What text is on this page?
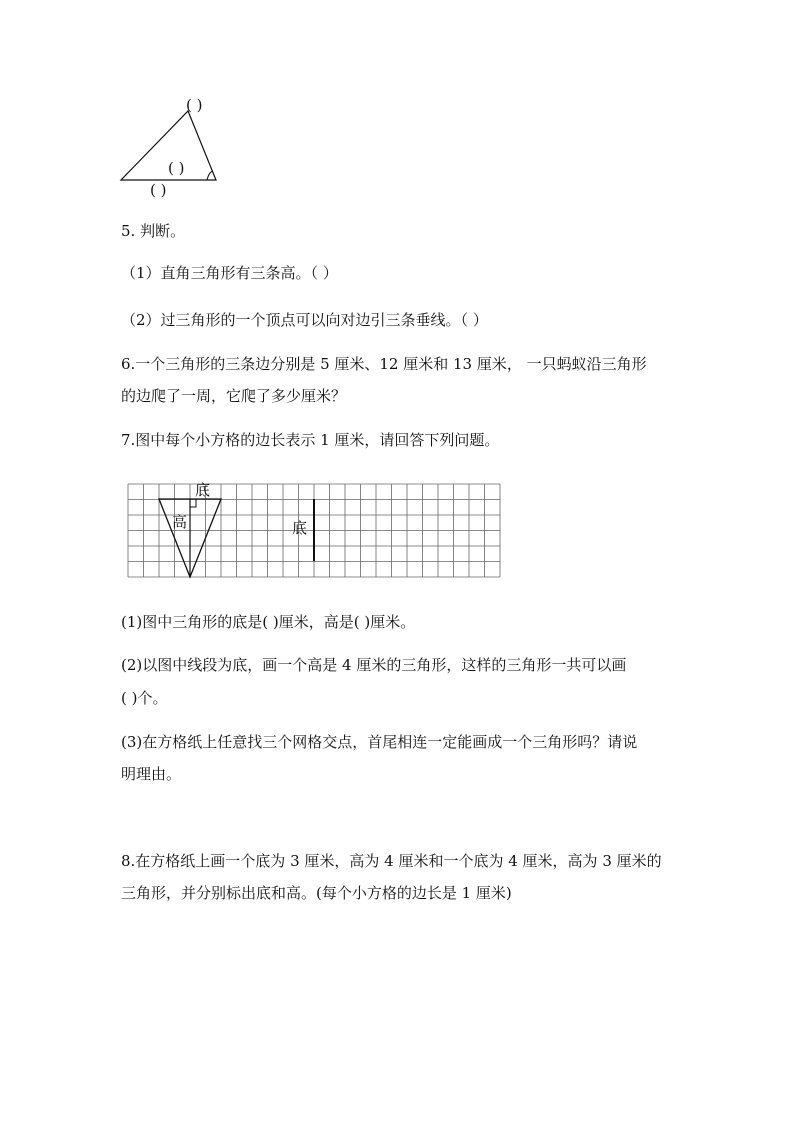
( )
( )
( )
5. 判断。
（1）直角三角形有三条高。（ ）
（2）过三角形的一个顶点可以向对边引三条垂线。（ ）
6.一个三角形的三条边分别是 5 厘米、12 厘米和 13 厘米， 一只蚂蚁沿三角形
的边爬了一周，它爬了多少厘米？
7.图中每个小方格的边长表示 1 厘米，请回答下列问题。
底
高	底
(1)图中三角形的底是( )厘米，高是( )厘米。
(2)以图中线段为底，画一个高是 4 厘米的三角形，这样的三角形一共可以画
( )个。
(3)在方格纸上任意找三个网格交点，首尾相连一定能画成一个三角形吗？请说
明理由。
8.在方格纸上画一个底为 3 厘米，高为 4 厘米和一个底为 4 厘米，高为 3 厘米的
三角形，并分别标出底和高。(每个小方格的边长是 1 厘米)
